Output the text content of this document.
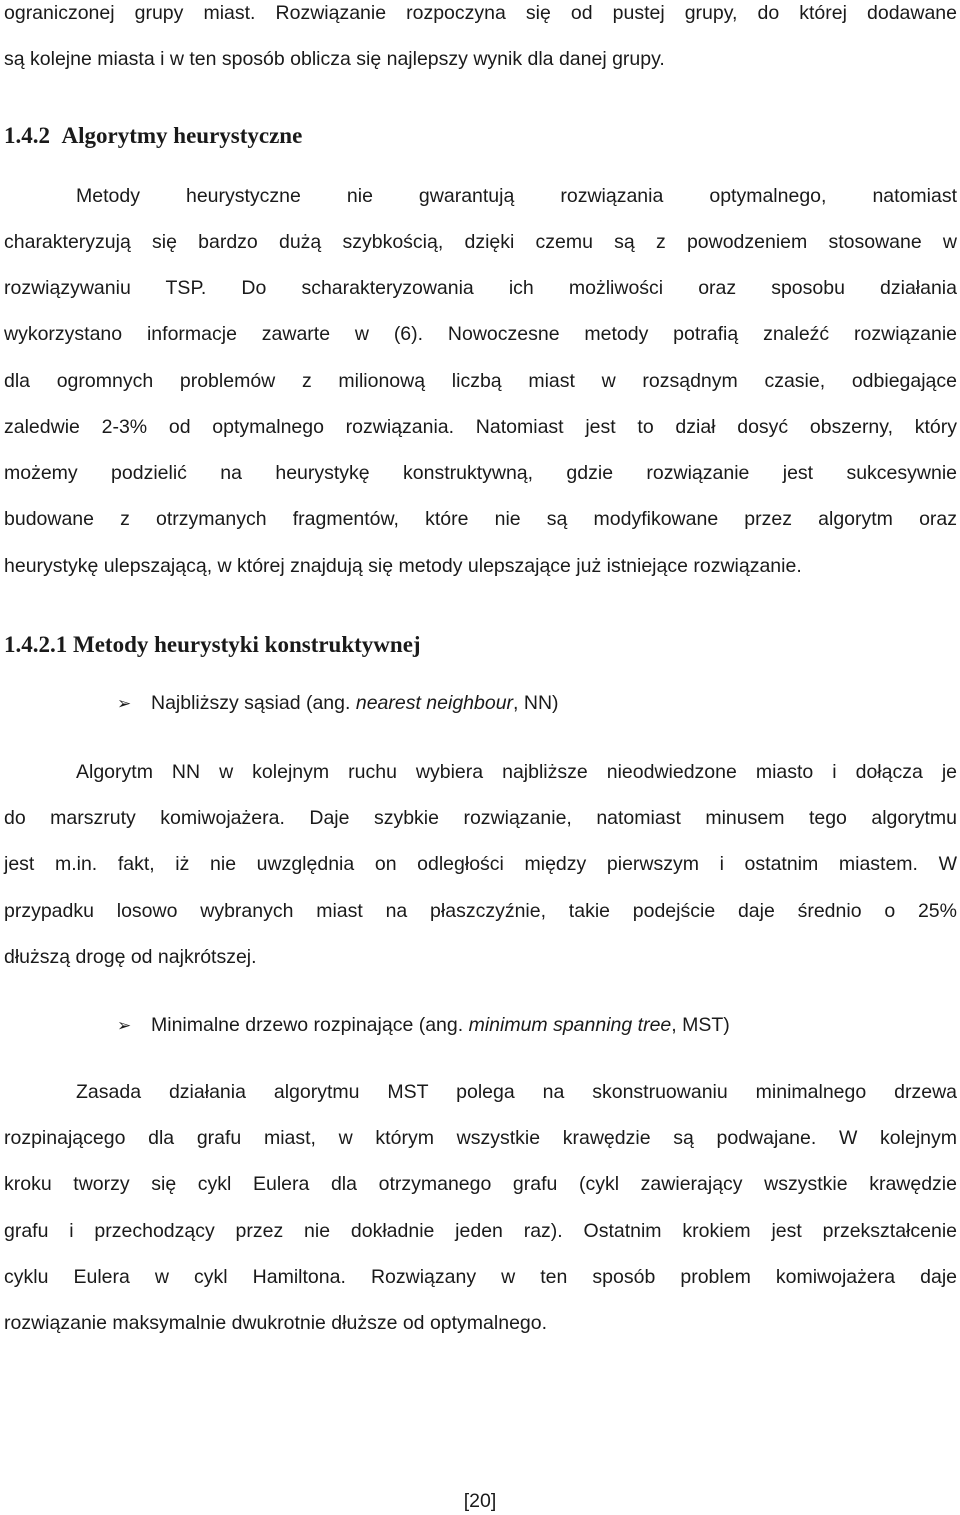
ograniczonej grupy miast. Rozwiązanie rozpoczyna się od pustej grupy, do której dodawane

są kolejne miasta i w ten sposób oblicza się najlepszy wynik dla danej grupy.

1.4.2 Algorytmy heurystyczne

Metody heurystyczne nie gwarantują rozwiązania optymalnego, natomiast

charakteryzują się bardzo dużą szybkością, dzięki czemu są z powodzeniem stosowane w

rozwiązywaniu TSP. Do scharakteryzowania ich możliwości oraz sposobu działania

wykorzystano informacje zawarte w (6). Nowoczesne metody potrafią znaleźć rozwiązanie

dla ogromnych problemów z milionową liczbą miast w rozsądnym czasie, odbiegające

zaledwie 2-3% od optymalnego rozwiązania. Natomiast jest to dział dosyć obszerny, który

możemy podzielić na heurystykę konstruktywną, gdzie rozwiązanie jest sukcesywnie

budowane z otrzymanych fragmentów, które nie są modyfikowane przez algorytm oraz

heurystykę ulepszającą, w której znajdują się metody ulepszające już istniejące rozwiązanie.

1.4.2.1 Metody heurystyki konstruktywnej

➢ Najbliższy sąsiad (ang. nearest neighbour, NN)

Algorytm NN w kolejnym ruchu wybiera najbliższe nieodwiedzone miasto i dołącza je

do marszruty komiwojażera. Daje szybkie rozwiązanie, natomiast minusem tego algorytmu

jest m.in. fakt, iż nie uwzględnia on odległości między pierwszym i ostatnim miastem. W

przypadku losowo wybranych miast na płaszczyźnie, takie podejście daje średnio o 25%

dłuższą drogę od najkrótszej.

➢ Minimalne drzewo rozpinające (ang. minimum spanning tree, MST)

Zasada działania algorytmu MST polega na skonstruowaniu minimalnego drzewa

rozpinającego dla grafu miast, w którym wszystkie krawędzie są podwajane. W kolejnym

kroku tworzy się cykl Eulera dla otrzymanego grafu (cykl zawierający wszystkie krawędzie

grafu i przechodzący przez nie dokładnie jeden raz). Ostatnim krokiem jest przekształcenie

cyklu Eulera w cykl Hamiltona. Rozwiązany w ten sposób problem komiwojażera daje

rozwiązanie maksymalnie dwukrotnie dłuższe od optymalnego.

[20]
